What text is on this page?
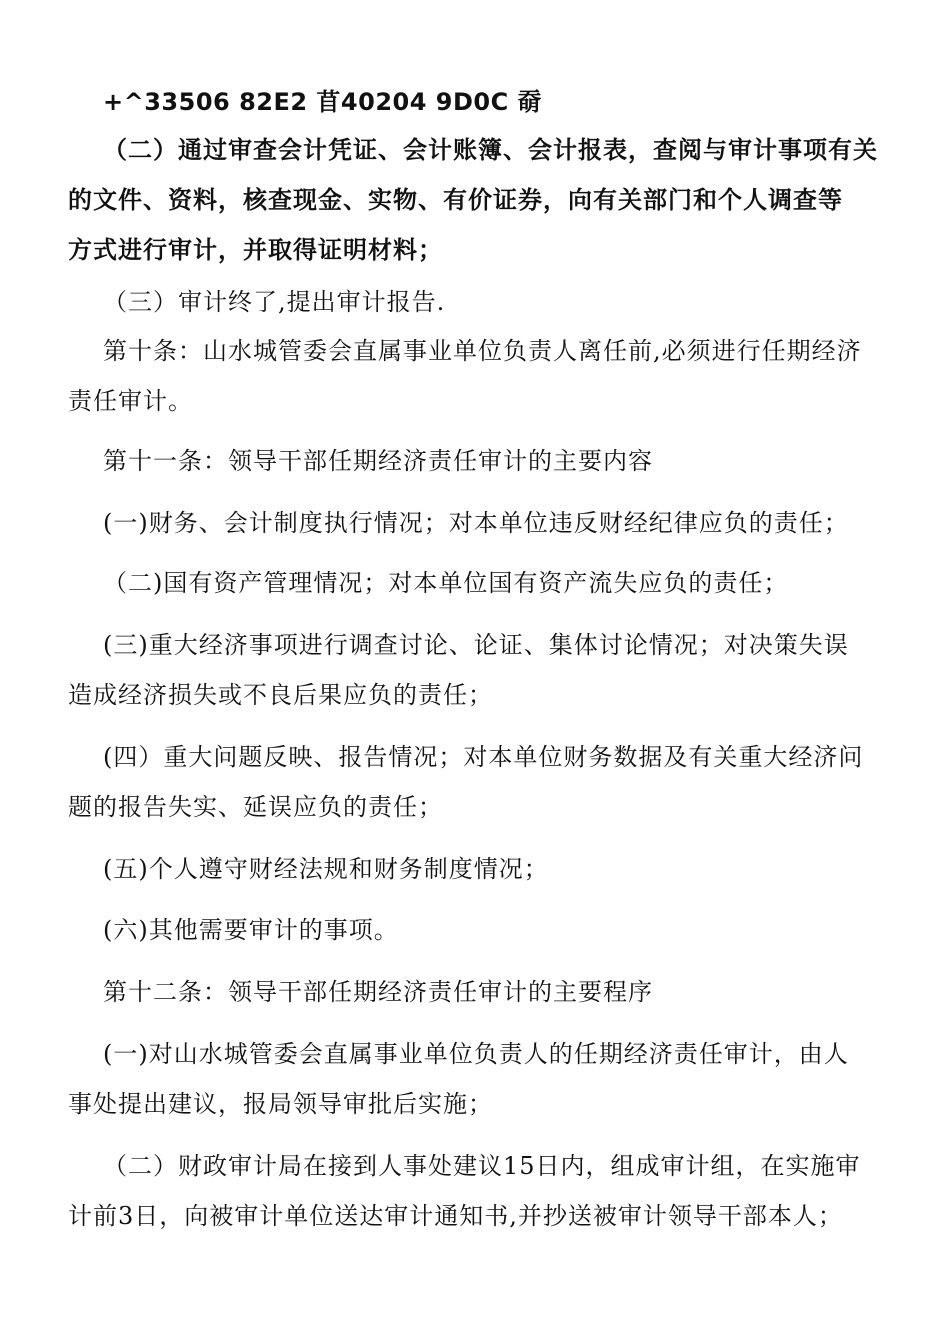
+^33506 82E2 苜40204 9D0C 奣

（二）通过审查会计凭证、会计账簿、会计报表，查阅与审计事项有关

的文件、资料，核查现金、实物、有价证券，向有关部门和个人调查等

方式进行审计，并取得证明材料；

（三）审计终了,提出审计报告.

第十条：山水城管委会直属事业单位负责人离任前,必须进行任期经济

责任审计。

第十一条：领导干部任期经济责任审计的主要内容

(一)财务、会计制度执行情况；对本单位违反财经纪律应负的责任；

（二)国有资产管理情况；对本单位国有资产流失应负的责任；

(三)重大经济事项进行调查讨论、论证、集体讨论情况；对决策失误

造成经济损失或不良后果应负的责任；

(四）重大问题反映、报告情况；对本单位财务数据及有关重大经济问

题的报告失实、延误应负的责任；

(五)个人遵守财经法规和财务制度情况；

(六)其他需要审计的事项。

第十二条：领导干部任期经济责任审计的主要程序

(一)对山水城管委会直属事业单位负责人的任期经济责任审计，由人

事处提出建议，报局领导审批后实施；

（二）财政审计局在接到人事处建议15日内，组成审计组，在实施审

计前3日，向被审计单位送达审计通知书,并抄送被审计领导干部本人；
